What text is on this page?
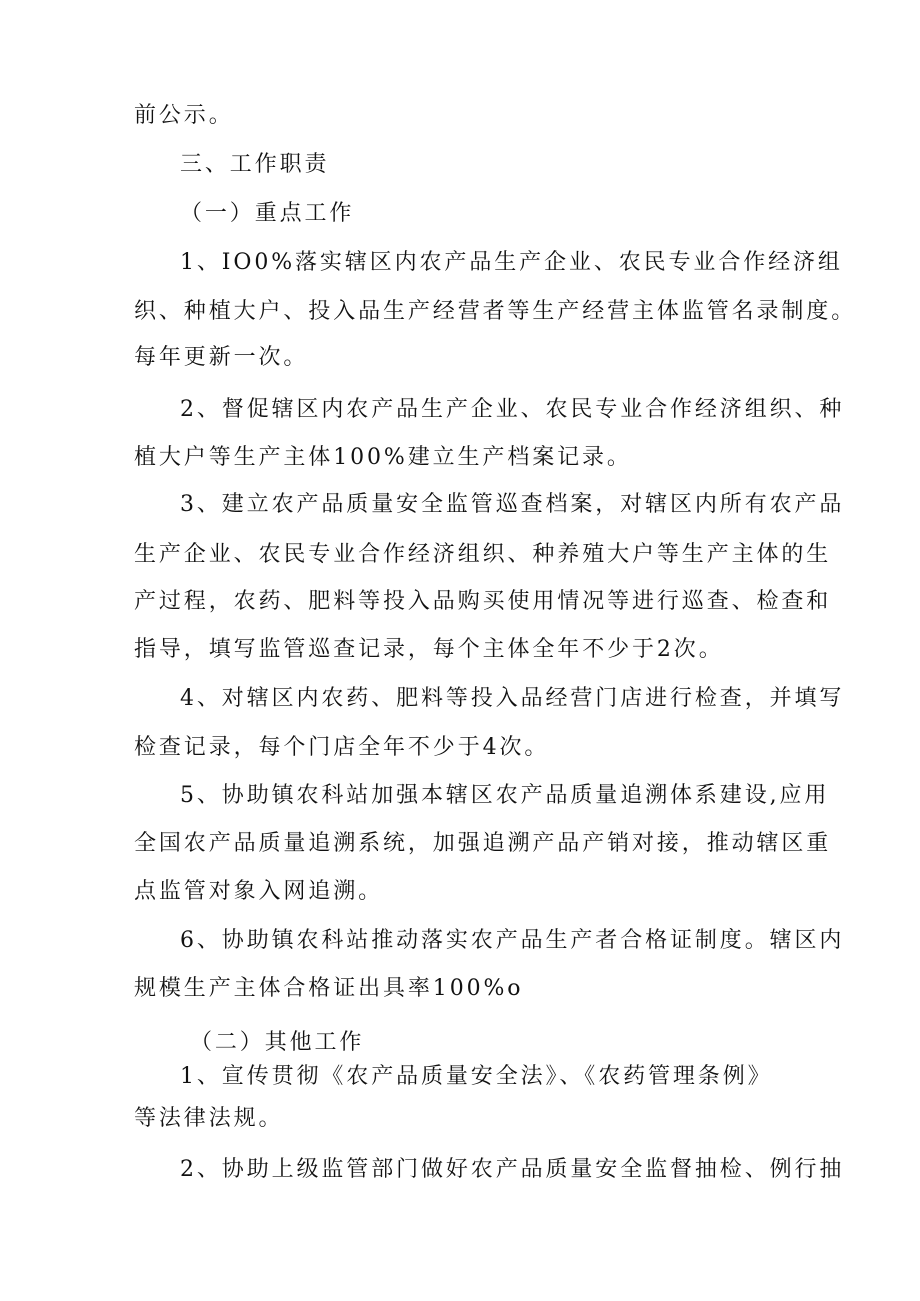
前公示。
三、工作职责
（一）重点工作
1、IO0%落实辖区内农产品生产企业、农民专业合作经济组
织、种植大户、投入品生产经营者等生产经营主体监管名录制度。
每年更新一次。
2、督促辖区内农产品生产企业、农民专业合作经济组织、种
植大户等生产主体100%建立生产档案记录。
3、建立农产品质量安全监管巡查档案，对辖区内所有农产品
生产企业、农民专业合作经济组织、种养殖大户等生产主体的生
产过程，农药、肥料等投入品购买使用情况等进行巡查、检查和
指导，填写监管巡查记录，每个主体全年不少于2次。
4、对辖区内农药、肥料等投入品经营门店进行检查，并填写
检查记录，每个门店全年不少于4次。
5、协助镇农科站加强本辖区农产品质量追溯体系建设,应用
全国农产品质量追溯系统，加强追溯产品产销对接，推动辖区重
点监管对象入网追溯。
6、协助镇农科站推动落实农产品生产者合格证制度。辖区内
规模生产主体合格证出具率100%o
（二）其他工作
1、宣传贯彻《农产品质量安全法》、《农药管理条例》
等法律法规。
2、协助上级监管部门做好农产品质量安全监督抽检、例行抽
